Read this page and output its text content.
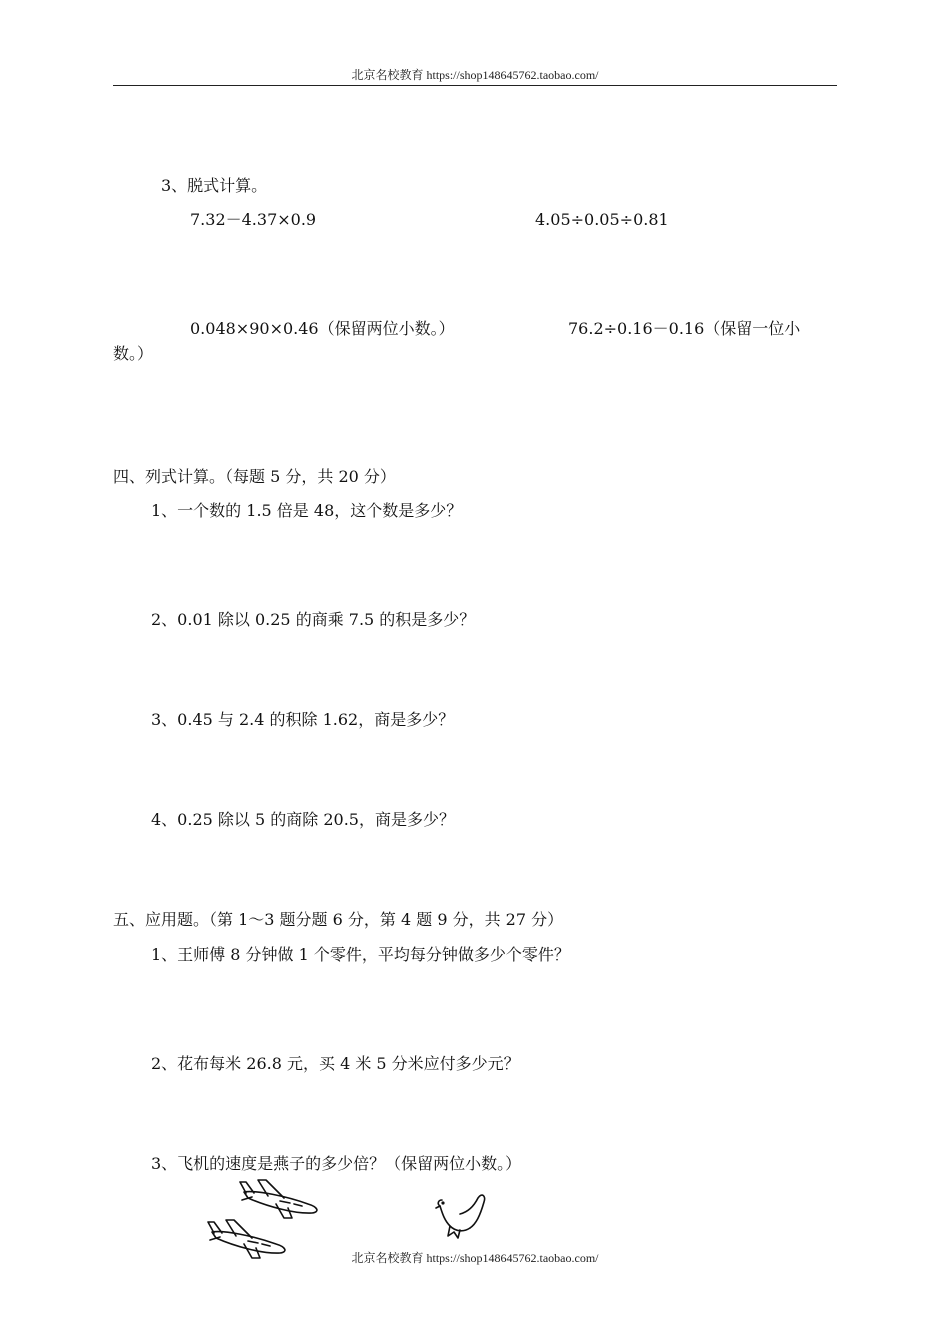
北京名校教育 https://shop148645762.taobao.com/
3、脱式计算。
7.32－4.37×0.9	4.05÷0.05÷0.81
0.048×90×0.46（保留两位小数。）	76.2÷0.16－0.16（保留一位小
数。）
四、列式计算。（每题 5 分，共 20 分）
1、一个数的 1.5 倍是 48，这个数是多少？
2、0.01 除以 0.25 的商乘 7.5 的积是多少？
3、0.45 与 2.4 的积除 1.62，商是多少？
4、0.25 除以 5 的商除 20.5，商是多少？
五、应用题。（第 1～3 题分题 6 分，第 4 题 9 分，共 27 分）
1、王师傅 8 分钟做 1 个零件，平均每分钟做多少个零件？
2、花布每米 26.8 元，买 4 米 5 分米应付多少元？
3、飞机的速度是燕子的多少倍？（保留两位小数。）
北京名校教育 https://shop148645762.taobao.com/
